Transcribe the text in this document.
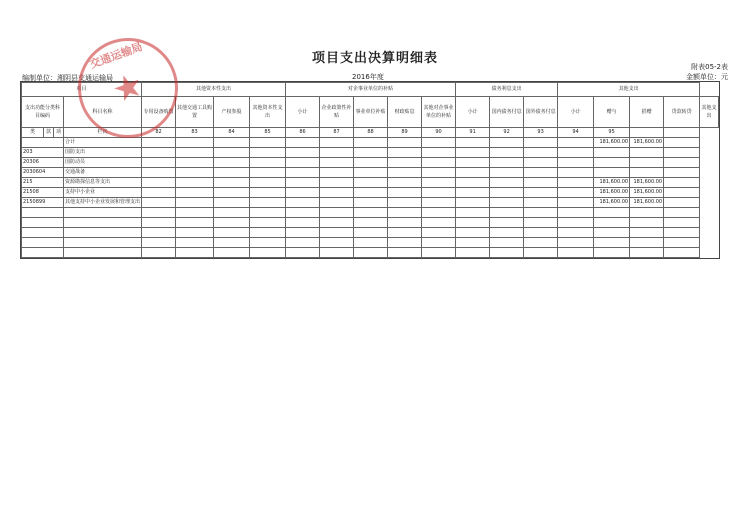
项目支出决算明细表
附表05-2表
金额单位：元
编制单位：湘阴县交通运输局	2016年度
项目				其他资本性支出				对企事业单位的补贴					债务利息支出			其他支出				
支出功能分类科目编码			科目名称	专用设备购置	其他交通工具购置	产权参股	其他资本性支出	小计	企业政策性补贴	事业单位补贴	财政贴息	其他对企事业单位的补贴	小计	国内债务付息	国外债务付息	小计	赠与	捐赠	贷款转贷	其他支出
类	款	项	栏次	82	83	84	85	86	87	88	89	90	91	92	93	94	95			
			合计														181,600.00	181,600.00		
203			国防支出																	
20306			国防动员																	
2030604			交通战备																	
215			资源勘探信息等支出														181,600.00	181,600.00		
21508			支持中小企业														181,600.00	181,600.00		
2150899			其他支持中小企业发展和管理支出														181,600.00	181,600.00		

交通运输局
★
